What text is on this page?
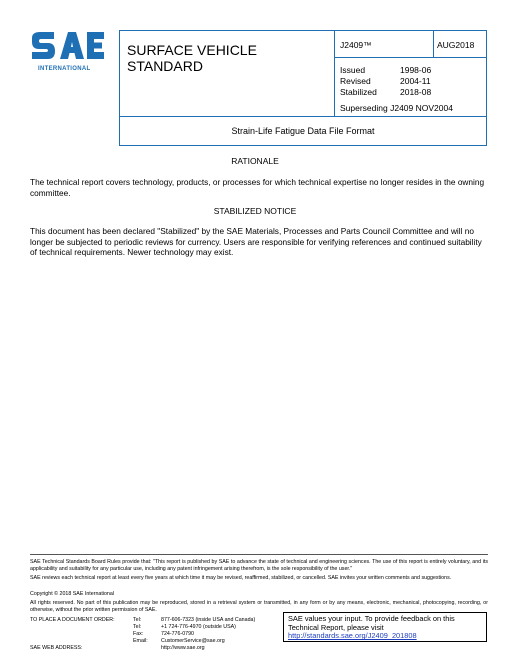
INTERNATIONAL
SURFACE VEHICLE
STANDARD
J2409™	AUG2018
Issued	1998-06
Revised	2004-11
Stabilized	2018-08
Superseding J2409 NOV2004
Strain-Life Fatigue Data File Format
RATIONALE
The technical report covers technology, products, or processes for which technical expertise no longer resides in the owning committee.
STABILIZED NOTICE
This document has been declared "Stabilized" by the SAE Materials, Processes and Parts Council Committee and will no longer be subjected to periodic reviews for currency. Users are responsible for verifying references and continued suitability of technical requirements. Newer technology may exist.
SAE Technical Standards Board Rules provide that: "This report is published by SAE to advance the state of technical and engineering sciences. The use of this report is entirely voluntary, and its applicability and suitability for any particular use, including any patent infringement arising therefrom, is the sole responsibility of the user."
SAE reviews each technical report at least every five years at which time it may be revised, reaffirmed, stabilized, or cancelled. SAE invites your written comments and suggestions.
Copyright © 2018 SAE International
All rights reserved. No part of this publication may be reproduced, stored in a retrieval system or transmitted, in any form or by any means, electronic, mechanical, photocopying, recording, or otherwise, without the prior written permission of SAE.
TO PLACE A DOCUMENT ORDER:	Tel:	877-606-7323 (inside USA and Canada)
Tel:	+1 724-776-4970 (outside USA)
Fax:	724-776-0790
Email:	CustomerService@sae.org
SAE WEB ADDRESS:	http://www.sae.org
SAE values your input. To provide feedback on this Technical Report, please visit
http://standards.sae.org/J2409_201808
